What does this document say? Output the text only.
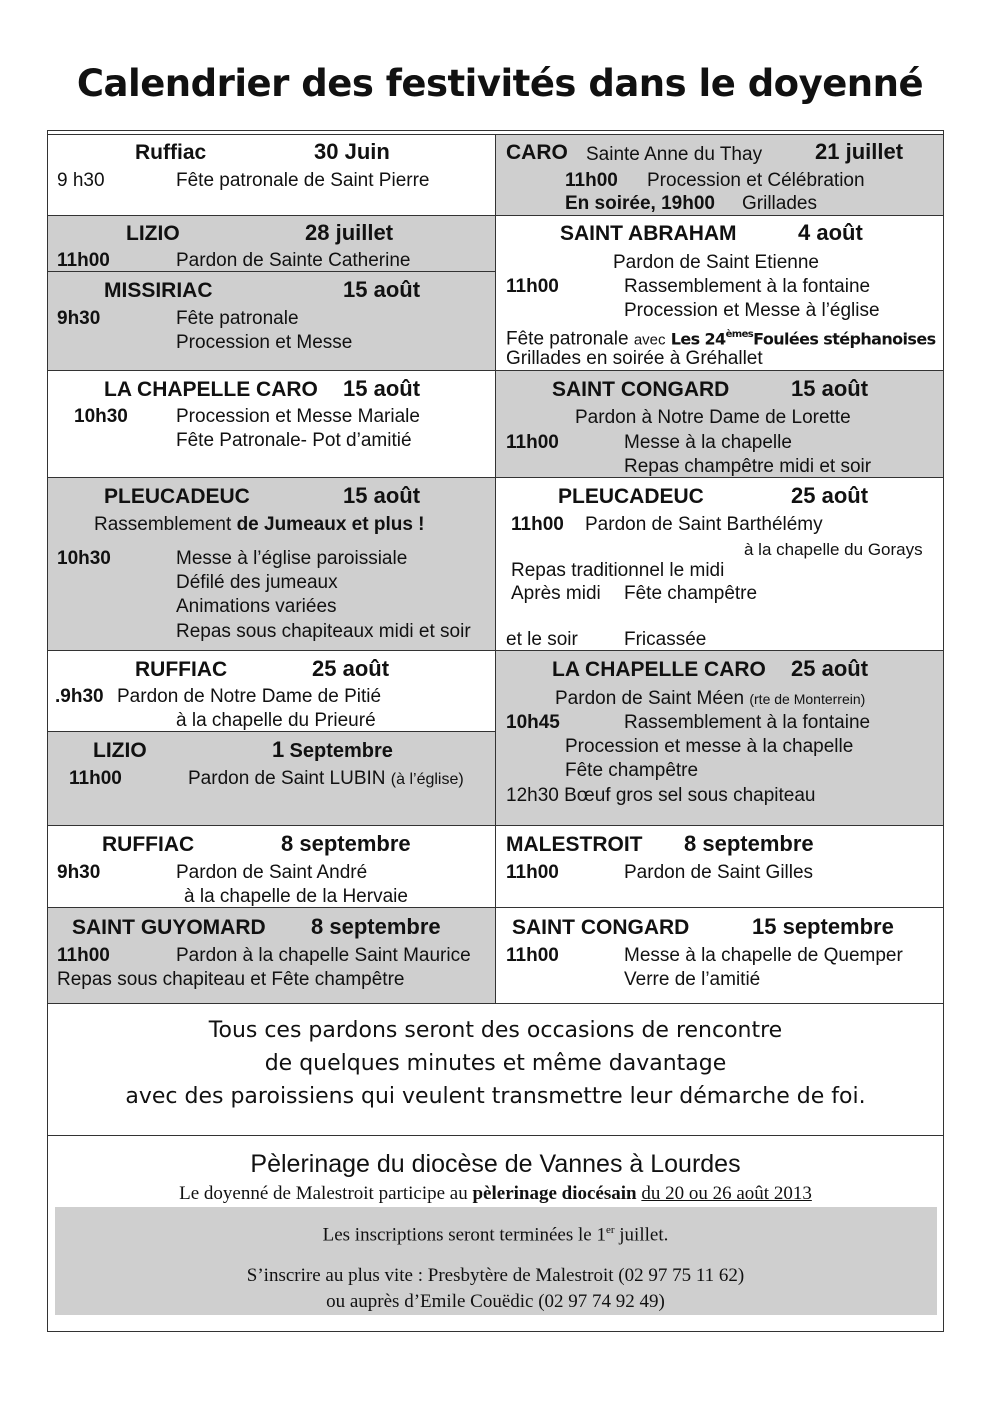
Calendrier des festivités dans le doyenné
Ruffiac	30 Juin
9 h30	Fête patronale de Saint Pierre
CARO Sainte Anne du Thay 21 juillet
11h00 Procession et Célébration
En soirée, 19h00 Grillades
LIZIO	28 juillet
11h00	Pardon de Sainte Catherine
MISSIRIAC	15 août
9h30	Fête patronale
Procession et Messe
SAINT ABRAHAM	4 août
Pardon de Saint Etienne
11h00	Rassemblement à la fontaine
Procession et Messe à l’église
Fête patronale avec Les 24èmesFoulées stéphanoises
Grillades en soirée à Gréhallet
LA CHAPELLE CARO 15 août
10h30	Procession et Messe Mariale
Fête Patronale- Pot d’amitié
SAINT CONGARD	15 août
Pardon à Notre Dame de Lorette
11h00	Messe à la chapelle
Repas champêtre midi et soir
PLEUCADEUC	15 août
Rassemblement de Jumeaux et plus !
10h30	Messe à l’église paroissiale
Défilé des jumeaux
Animations variées
Repas sous chapiteaux midi et soir
PLEUCADEUC	25 août
11h00 Pardon de Saint Barthélémy
à la chapelle du Gorays
Repas traditionnel le midi
Après midi Fête champêtre
et le soir Fricassée
RUFFIAC	25 août
.9h30 Pardon de Notre Dame de Pitié
à la chapelle du Prieuré
LIZIO	1 Septembre
11h00	Pardon de Saint LUBIN (à l’église)
LA CHAPELLE CARO 25 août
Pardon de Saint Méen (rte de Monterrein)
10h45	Rassemblement à la fontaine
Procession et messe à la chapelle
Fête champêtre
12h30 Bœuf gros sel sous chapiteau
RUFFIAC	8 septembre
9h30	Pardon de Saint André
à la chapelle de la Hervaie
MALESTROIT 8 septembre
11h00	Pardon de Saint Gilles
SAINT GUYOMARD 8 septembre
11h00	Pardon à la chapelle Saint Maurice
Repas sous chapiteau et Fête champêtre
SAINT CONGARD	15 septembre
11h00	Messe à la chapelle de Quemper
Verre de l’amitié
Tous ces pardons seront des occasions de rencontre
de quelques minutes et même davantage
avec des paroissiens qui veulent transmettre leur démarche de foi.
Pèlerinage du diocèse de Vannes à Lourdes
Le doyenné de Malestroit participe au pèlerinage diocésain du 20 ou 26 août 2013
Les inscriptions seront terminées le 1er juillet.
S’inscrire au plus vite : Presbytère de Malestroit (02 97 75 11 62)
ou auprès d’Emile Couëdic (02 97 74 92 49)
